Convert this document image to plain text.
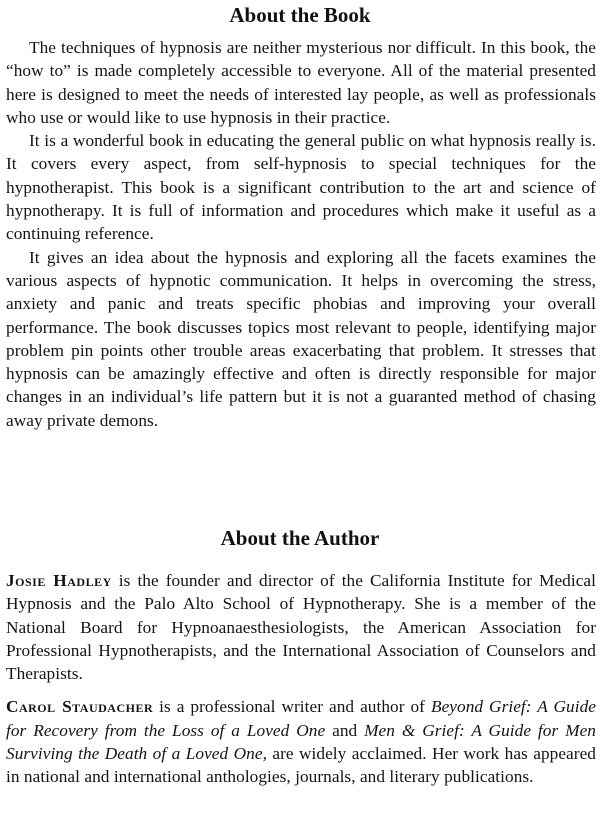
About the Book

The techniques of hypnosis are neither mysterious nor difficult. In this book, the “how to” is made completely accessible to everyone. All of the material presented here is designed to meet the needs of interested lay people, as well as professionals who use or would like to use hypnosis in their practice.

It is a wonderful book in educating the general public on what hypnosis really is. It covers every aspect, from self-hypnosis to special techniques for the hypnotherapist. This book is a significant contribution to the art and science of hypnotherapy. It is full of information and procedures which make it useful as a continuing reference.

It gives an idea about the hypnosis and exploring all the facets examines the various aspects of hypnotic communication. It helps in overcoming the stress, anxiety and panic and treats specific phobias and improving your overall performance. The book discusses topics most relevant to people, identifying major problem pin points other trouble areas exacerbating that problem. It stresses that hypnosis can be amazingly effective and often is directly responsible for major changes in an individual’s life pattern but it is not a guaranted method of chasing away private demons.

About the Author

Josie Hadley is the founder and director of the California Institute for Medical Hypnosis and the Palo Alto School of Hypnotherapy. She is a member of the National Board for Hypnoanaesthesiologists, the American Association for Professional Hypnotherapists, and the International Association of Counselors and Therapists.

Carol Staudacher is a professional writer and author of Beyond Grief: A Guide for Recovery from the Loss of a Loved One and Men & Grief: A Guide for Men Surviving the Death of a Loved One, are widely acclaimed. Her work has appeared in national and international anthologies, journals, and literary publications.
